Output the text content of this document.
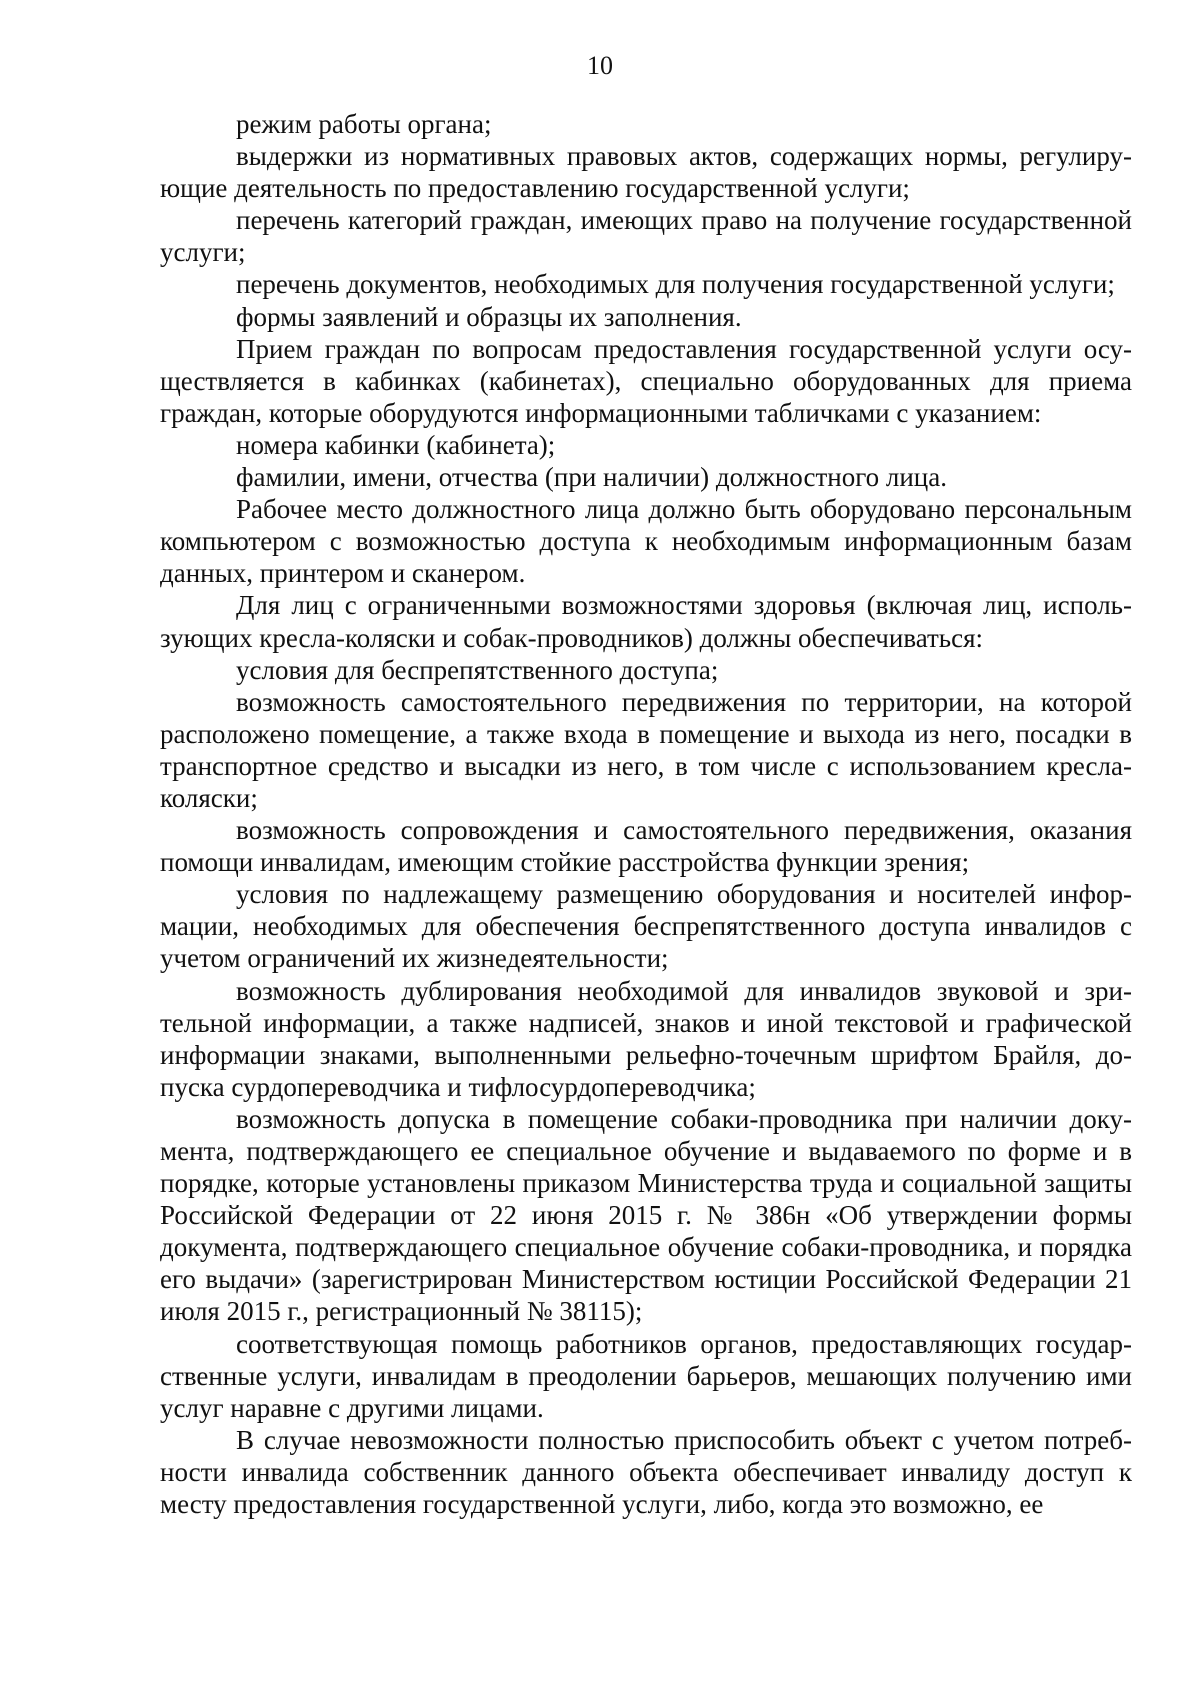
10

режим работы органа;

выдержки из нормативных правовых актов, содержащих нормы, регулирующие деятельность по предоставлению государственной услуги;

перечень категорий граждан, имеющих право на получение государственной услуги;

перечень документов, необходимых для получения государственной услуги;

формы заявлений и образцы их заполнения.

Прием граждан по вопросам предоставления государственной услуги осуществляется в кабинках (кабинетах), специально оборудованных для приема граждан, которые оборудуются информационными табличками с указанием:

номера кабинки (кабинета);

фамилии, имени, отчества (при наличии) должностного лица.

Рабочее место должностного лица должно быть оборудовано персональным компьютером с возможностью доступа к необходимым информационным базам данных, принтером и сканером.

Для лиц с ограниченными возможностями здоровья (включая лиц, использующих кресла-коляски и собак-проводников) должны обеспечиваться:

условия для беспрепятственного доступа;

возможность самостоятельного передвижения по территории, на которой расположено помещение, а также входа в помещение и выхода из него, посадки в транспортное средство и высадки из него, в том числе с использованием кресла-коляски;

возможность сопровождения и самостоятельного передвижения, оказания помощи инвалидам, имеющим стойкие расстройства функции зрения;

условия по надлежащему размещению оборудования и носителей информации, необходимых для обеспечения беспрепятственного доступа инвалидов с учетом ограничений их жизнедеятельности;

возможность дублирования необходимой для инвалидов звуковой и зрительной информации, а также надписей, знаков и иной текстовой и графической информации знаками, выполненными рельефно-точечным шрифтом Брайля, допуска сурдопереводчика и тифлосурдопереводчика;

возможность допуска в помещение собаки-проводника при наличии документа, подтверждающего ее специальное обучение и выдаваемого по форме и в порядке, которые установлены приказом Министерства труда и социальной защиты Российской Федерации от 22 июня 2015 г. № 386н «Об утверждении формы документа, подтверждающего специальное обучение собаки-проводника, и порядка его выдачи» (зарегистрирован Министерством юстиции Российской Федерации 21 июля 2015 г., регистрационный № 38115);

соответствующая помощь работников органов, предоставляющих государственные услуги, инвалидам в преодолении барьеров, мешающих получению ими услуг наравне с другими лицами.

В случае невозможности полностью приспособить объект с учетом потребности инвалида собственник данного объекта обеспечивает инвалиду доступ к месту предоставления государственной услуги, либо, когда это возможно, ее
